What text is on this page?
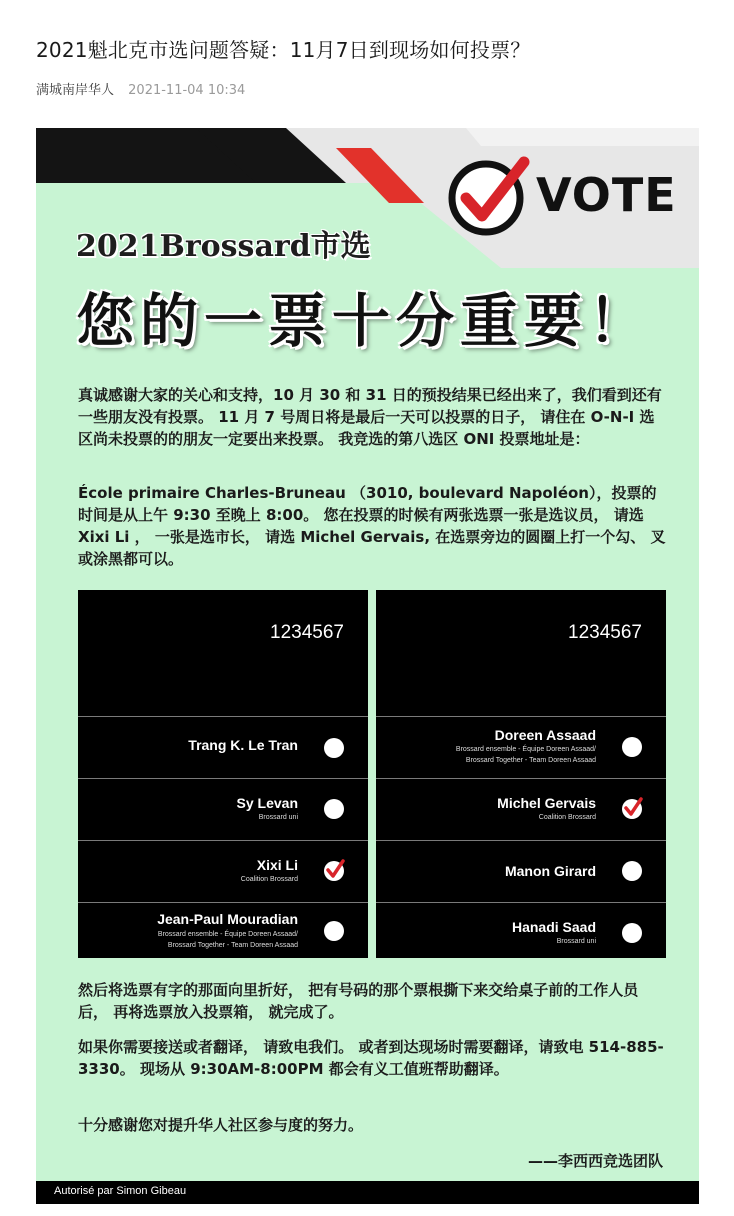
2021魁北克市选问题答疑：11月7日到现场如何投票？
满城南岸华人 2021-11-04 10:34
VOTE
2021Brossard市选
您的一票十分重要！
真诚感谢大家的关心和支持，10 月 30 和 31 日的预投结果已经出来了，我们看到还有一些朋友没有投票。 11 月 7 号周日将是最后一天可以投票的日子， 请住在 O-N-I 选区尚未投票的的朋友一定要出来投票。 我竞选的第八选区 ONI 投票地址是：
École primaire Charles-Bruneau （3010, boulevard Napoléon），投票的时间是从上午 9:30 至晚上 8:00。 您在投票的时候有两张选票一张是选议员， 请选 Xixi Li ， 一张是选市长， 请选 Michel Gervais, 在选票旁边的圆圈上打一个勾、 叉或涂黑都可以。
1234567
Trang K. Le Tran
Sy Levan
Brossard uni
Xixi Li
Coalition Brossard
Jean-Paul Mouradian
Brossard ensemble - Équipe Doreen Assaad/
Brossard Together - Team Doreen Assaad
1234567
Doreen Assaad
Brossard ensemble - Équipe Doreen Assaad/
Brossard Together - Team Doreen Assaad
Michel Gervais
Coalition Brossard
Manon Girard
Hanadi Saad
Brossard uni
然后将选票有字的那面向里折好， 把有号码的那个票根撕下来交给桌子前的工作人员后， 再将选票放入投票箱， 就完成了。
如果你需要接送或者翻译， 请致电我们。 或者到达现场时需要翻译，请致电 514-885-3330。 现场从 9:30AM-8:00PM 都会有义工值班帮助翻译。
十分感谢您对提升华人社区参与度的努力。
——李西西竞选团队
Autorisé par Simon Gibeau
